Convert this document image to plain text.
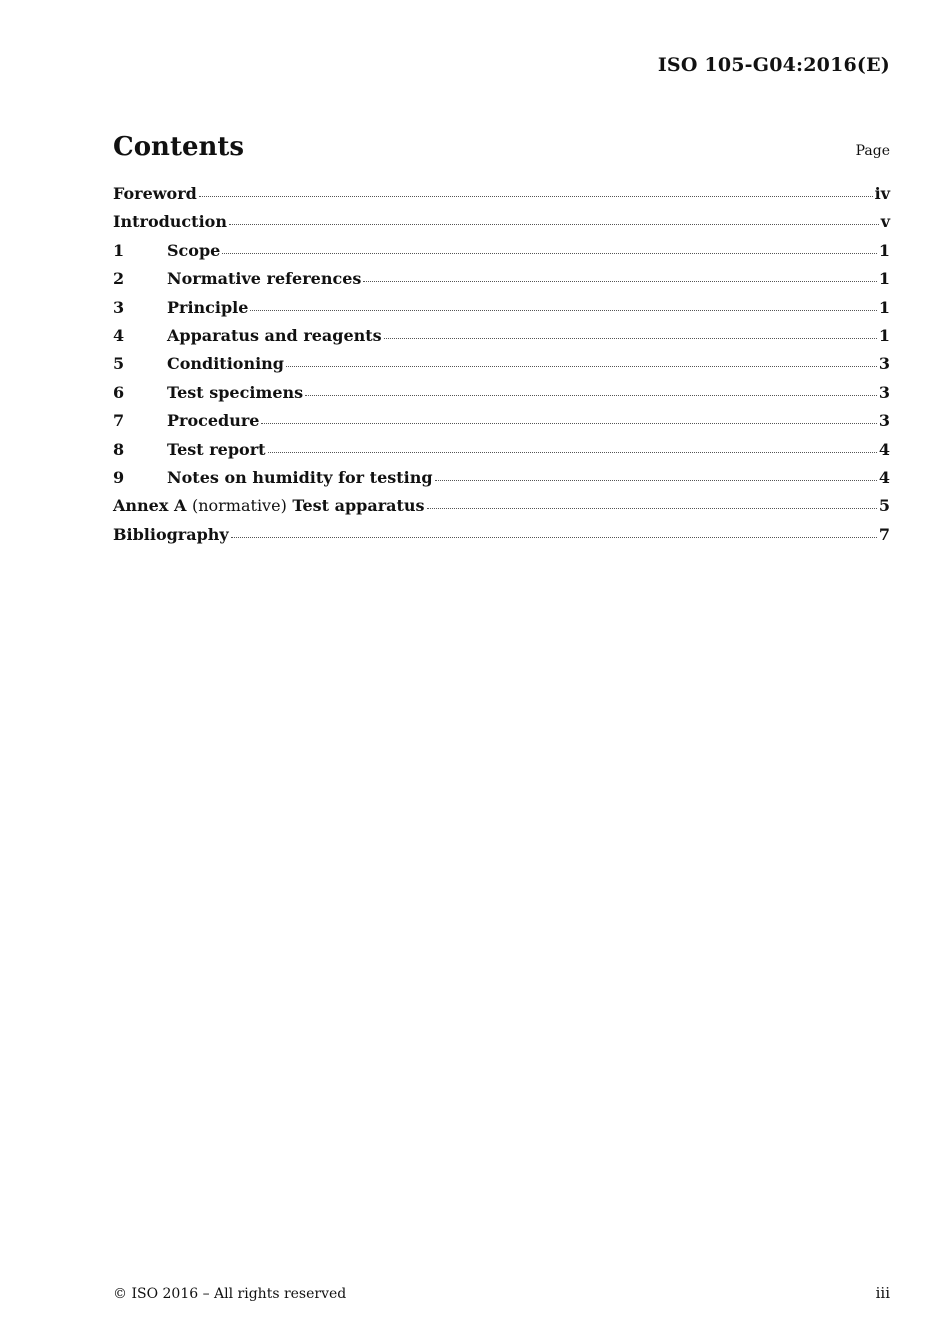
ISO 105-G04:2016(E)
Contents	Page
Foreword	iv
Introduction	v
1	Scope	1
2	Normative references	1
3	Principle	1
4	Apparatus and reagents	1
5	Conditioning	3
6	Test specimens	3
7	Procedure	3
8	Test report	4
9	Notes on humidity for testing	4
Annex A (normative) Test apparatus	5
Bibliography	7
© ISO 2016 – All rights reserved	iii
